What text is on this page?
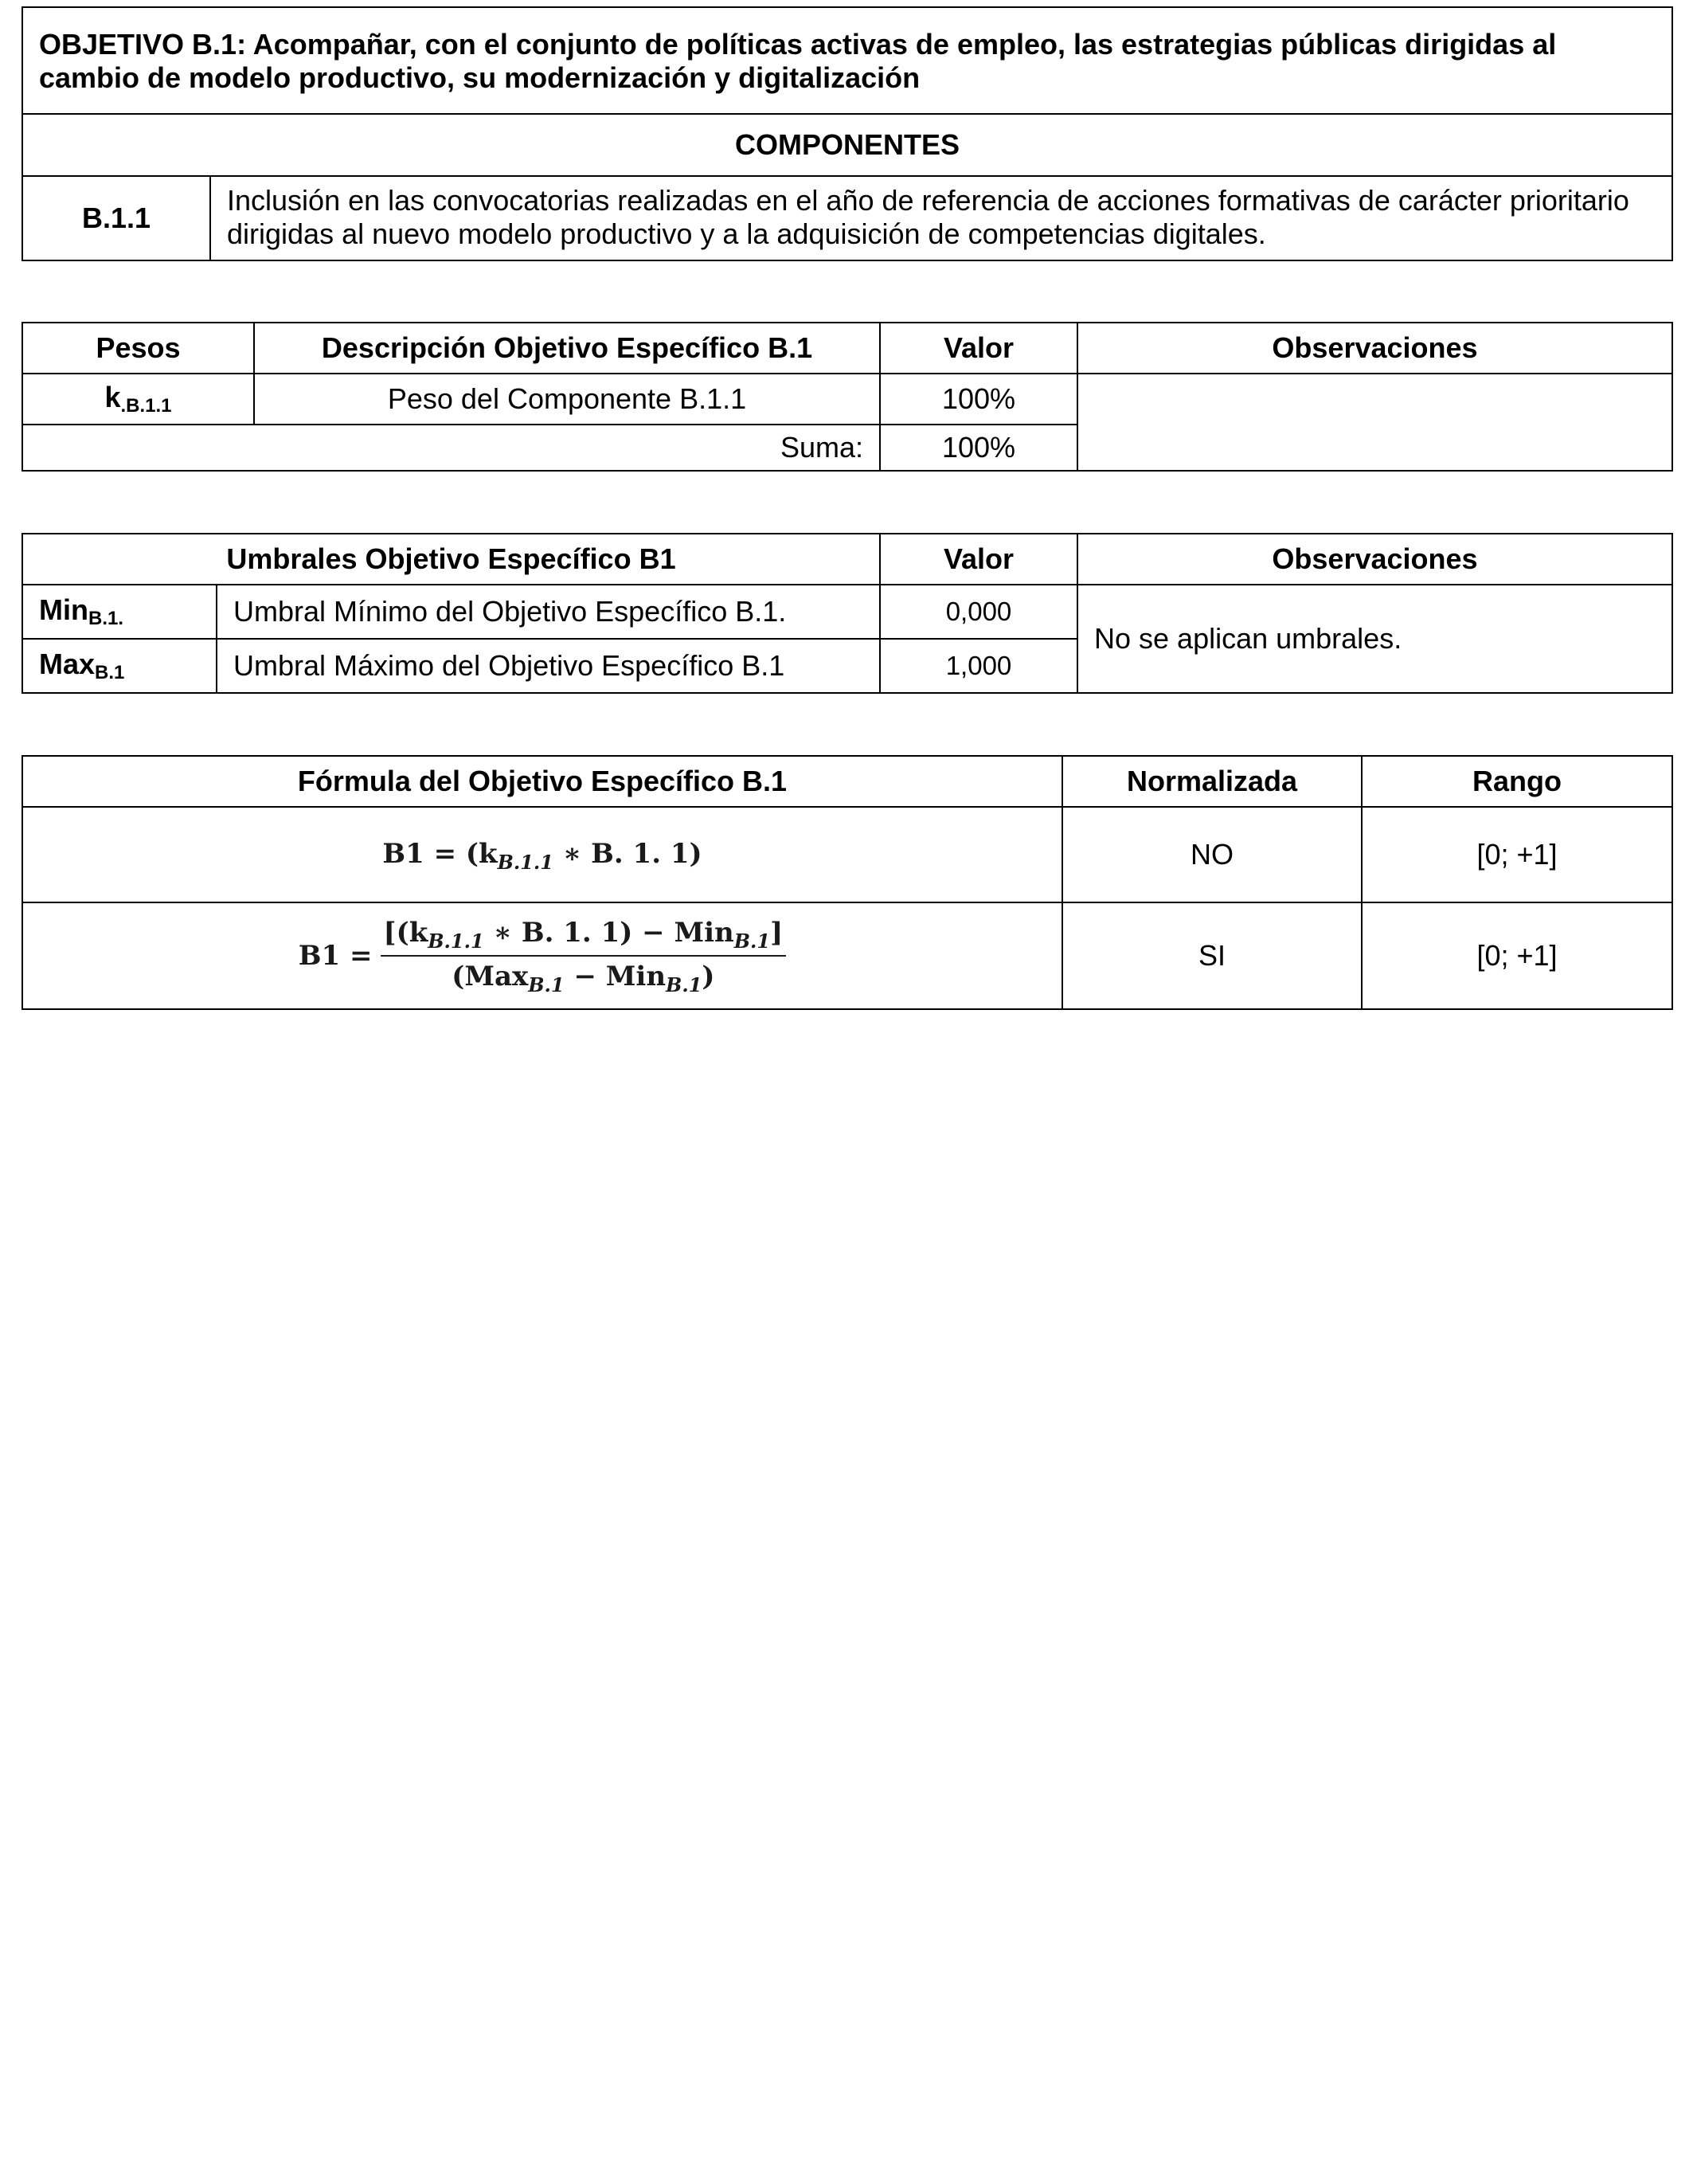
OBJETIVO B.1: Acompañar, con el conjunto de políticas activas de empleo, las estrategias públicas dirigidas al cambio de modelo productivo, su modernización y digitalización
COMPONENTES
B.1.1	Inclusión en las convocatorias realizadas en el año de referencia de acciones formativas de carácter prioritario dirigidas al nuevo modelo productivo y a la adquisición de competencias digitales.
Pesos	Descripción Objetivo Específico B.1	Valor	Observaciones
$k_{.B.1.1}$	Peso del Componente B.1.1	100%	
Suma:		100%	
Umbrales Objetivo Específico B1		Valor	Observaciones
Min$_{B.1.}$	Umbral Mínimo del Objetivo Específico B.1.	0,000	No se aplican umbrales.
Max$_{B.1}$	Umbral Máximo del Objetivo Específico B.1	1,000	
Fórmula del Objetivo Específico B.1	Normalizada	Rango
$B1 = (k_{B.1.1}$ ∗ B. 1. 1)	NO	[0; +1]

$B1 = \frac{[(k_{B.1.1} ∗ B. 1. 1) - Min_{B.1}]}{(Max_{B.1} - Min_{B.1})}$	SI	[0; +1]
